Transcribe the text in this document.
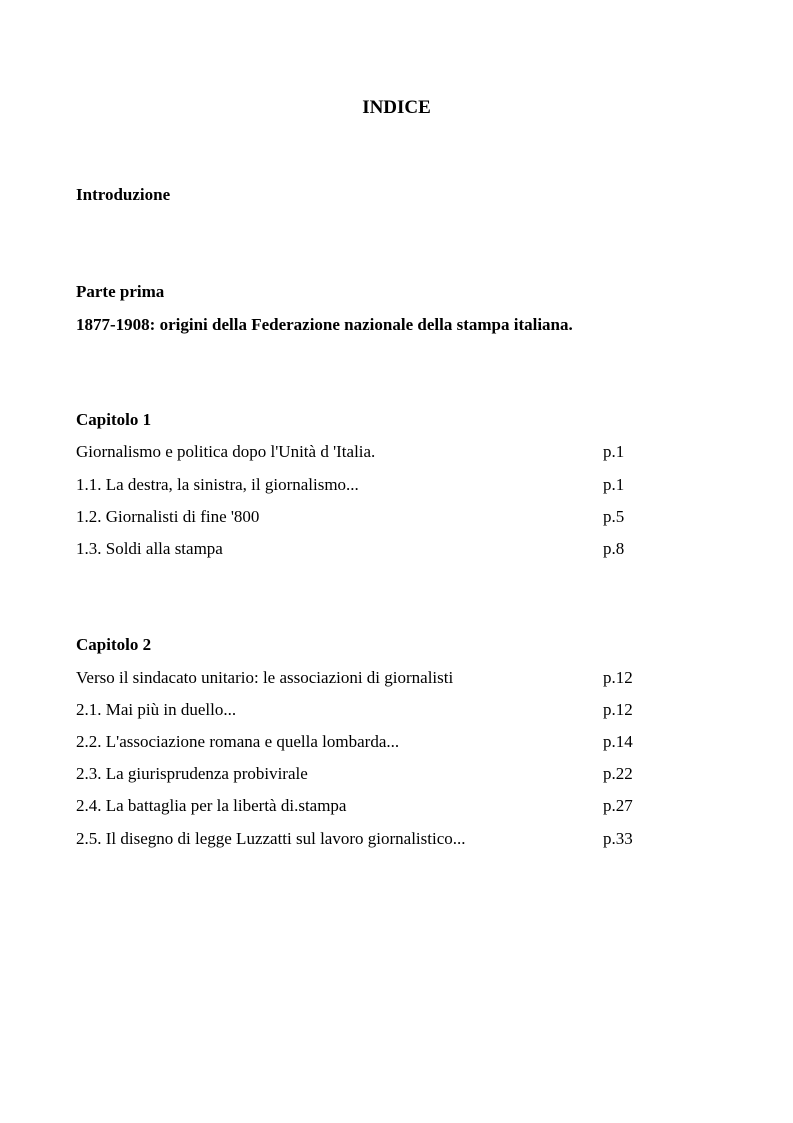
INDICE
Introduzione
Parte prima
1877-1908: origini della Federazione nazionale della stampa italiana.
Capitolo 1
Giornalismo e politica dopo l'Unità d 'Italia.	p.1
1.1. La destra, la sinistra, il giornalismo...	p.1
1.2. Giornalisti di fine '800	p.5
1.3. Soldi alla stampa	p.8
Capitolo 2
Verso il sindacato unitario: le associazioni di giornalisti	p.12
2.1. Mai più in duello...	p.12
2.2. L'associazione romana e quella lombarda...	p.14
2.3. La giurisprudenza probivirale	p.22
2.4. La battaglia per la libertà di.stampa	p.27
2.5. Il disegno di legge Luzzatti sul lavoro giornalistico...	p.33
